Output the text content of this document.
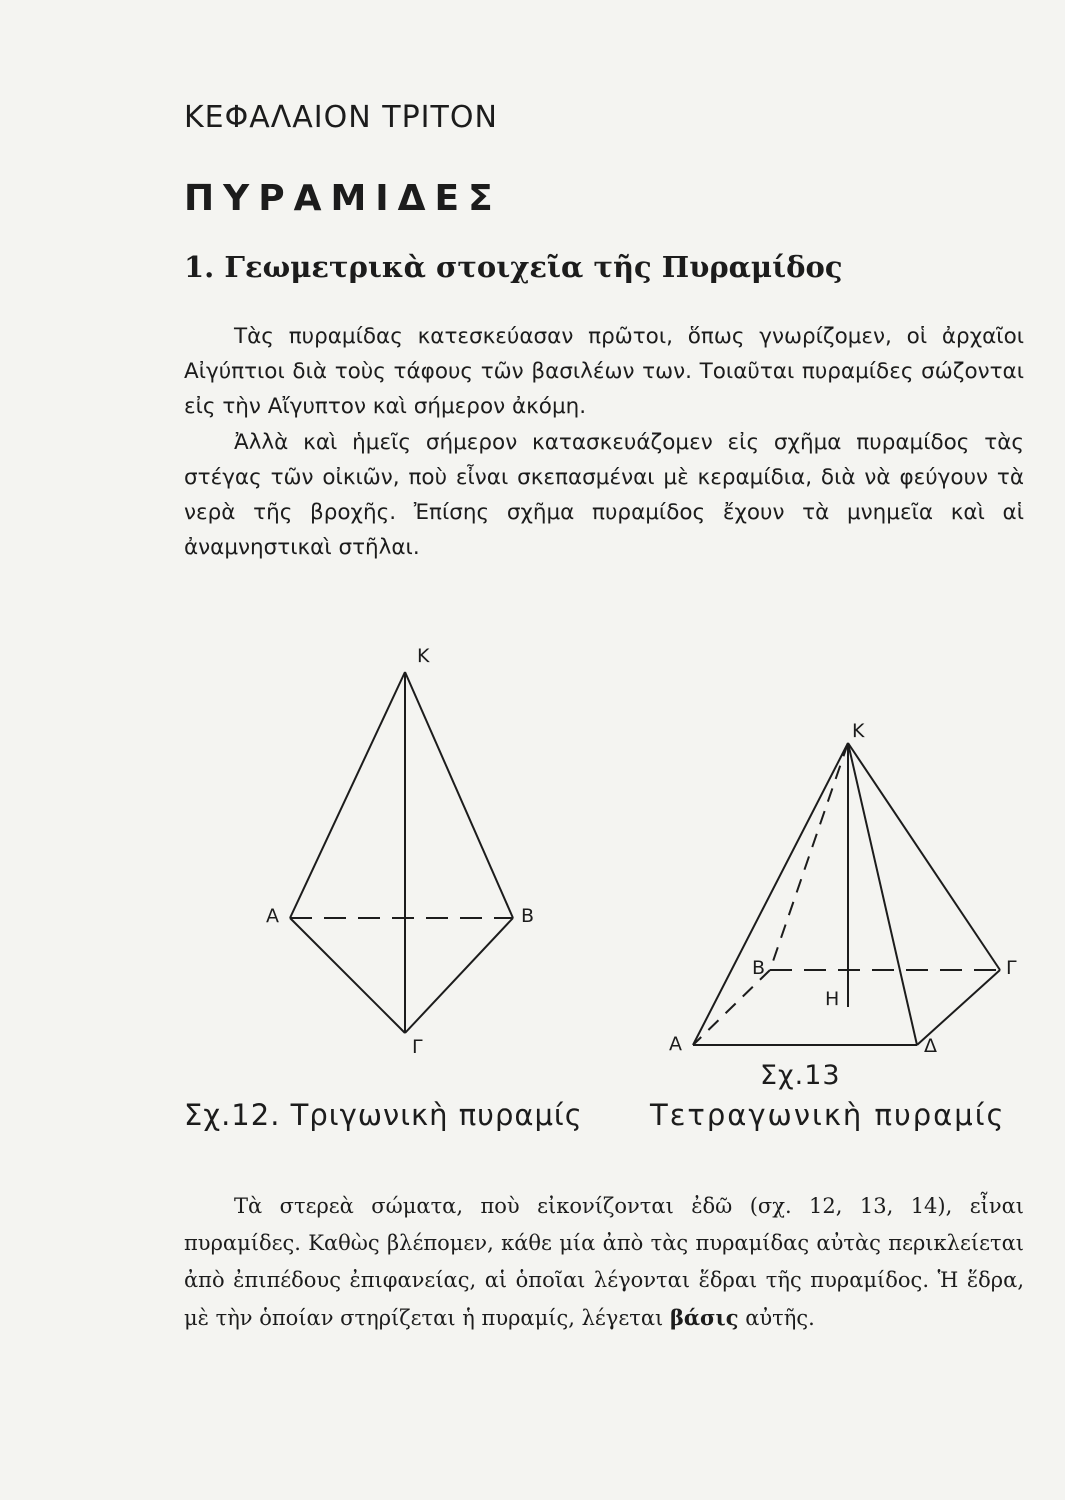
ΚΕΦΑΛΑΙΟΝ ΤΡΙΤΟΝ
ΠΥΡΑΜΙΔΕΣ
1. Γεωμετρικὰ στοιχεῖα τῆς Πυραμίδος

Τὰς πυραμίδας κατεσκεύασαν πρῶτοι, ὅπως γνωρίζομεν, οἱ ἀρχαῖοι Αἰγύπτιοι διὰ τοὺς τάφους τῶν βασιλέων των. Τοιαῦται πυραμίδες σώζονται εἰς τὴν Αἴγυπτον καὶ σήμερον ἀκόμη.

Ἀλλὰ καὶ ἡμεῖς σήμερον κατασκευάζομεν εἰς σχῆμα πυραμίδος τὰς στέγας τῶν οἰκιῶν, ποὺ εἶναι σκεπασμέναι μὲ κεραμίδια, διὰ νὰ φεύγουν τὰ νερὰ τῆς βροχῆς. Ἐπίσης σχῆμα πυραμίδος ἔχουν τὰ μνημεῖα καὶ αἱ ἀναμνηστικαὶ στῆλαι.

Κ
Α	Β
Γ
Κ
Β	Γ
Α	Δ
Η
Σχ.13
Σχ.12. Τριγωνικὴ πυραμίς Τετραγωνικὴ πυραμίς

Τὰ στερεὰ σώματα, ποὺ εἰκονίζονται ἐδῶ (σχ. 12, 13, 14), εἶναι πυραμίδες. Καθὼς βλέπομεν, κάθε μία ἀπὸ τὰς πυραμίδας αὐτὰς περικλείεται ἀπὸ ἐπιπέδους ἐπιφανείας, αἱ ὁποῖαι λέγονται ἕδραι τῆς πυραμίδος. Ἡ ἕδρα, μὲ τὴν ὁποίαν στηρίζεται ἡ πυραμίς, λέγεται βάσις αὐτῆς.
